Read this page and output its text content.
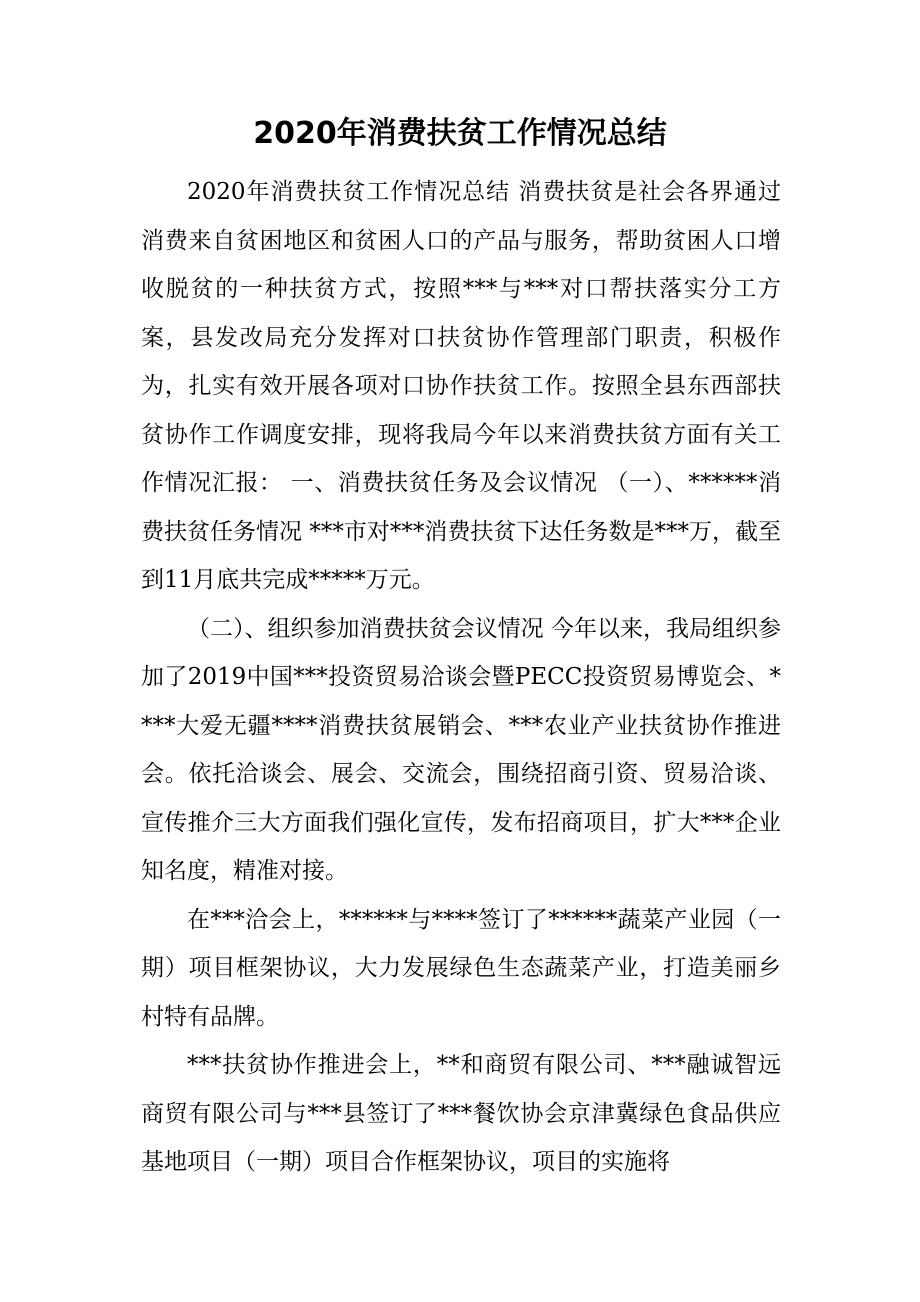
2020年消费扶贫工作情况总结

2020年消费扶贫工作情况总结 消费扶贫是社会各界通过消费来自贫困地区和贫困人口的产品与服务，帮助贫困人口增收脱贫的一种扶贫方式，按照***与***对口帮扶落实分工方案，县发改局充分发挥对口扶贫协作管理部门职责，积极作为，扎实有效开展各项对口协作扶贫工作。按照全县东西部扶贫协作工作调度安排，现将我局今年以来消费扶贫方面有关工作情况汇报： 一、消费扶贫任务及会议情况 （一）、******消费扶贫任务情况 ***市对***消费扶贫下达任务数是***万，截至到11月底共完成*****万元。

（二）、组织参加消费扶贫会议情况 今年以来，我局组织参加了2019中国***投资贸易洽谈会暨PECC投资贸易博览会、****大爱无疆****消费扶贫展销会、***农业产业扶贫协作推进会。依托洽谈会、展会、交流会，围绕招商引资、贸易洽谈、宣传推介三大方面我们强化宣传，发布招商项目，扩大***企业知名度，精准对接。

在***洽会上，******与****签订了******蔬菜产业园（一期）项目框架协议，大力发展绿色生态蔬菜产业，打造美丽乡村特有品牌。

***扶贫协作推进会上，**和商贸有限公司、***融诚智远商贸有限公司与***县签订了***餐饮协会京津冀绿色食品供应基地项目（一期）项目合作框架协议，项目的实施将
